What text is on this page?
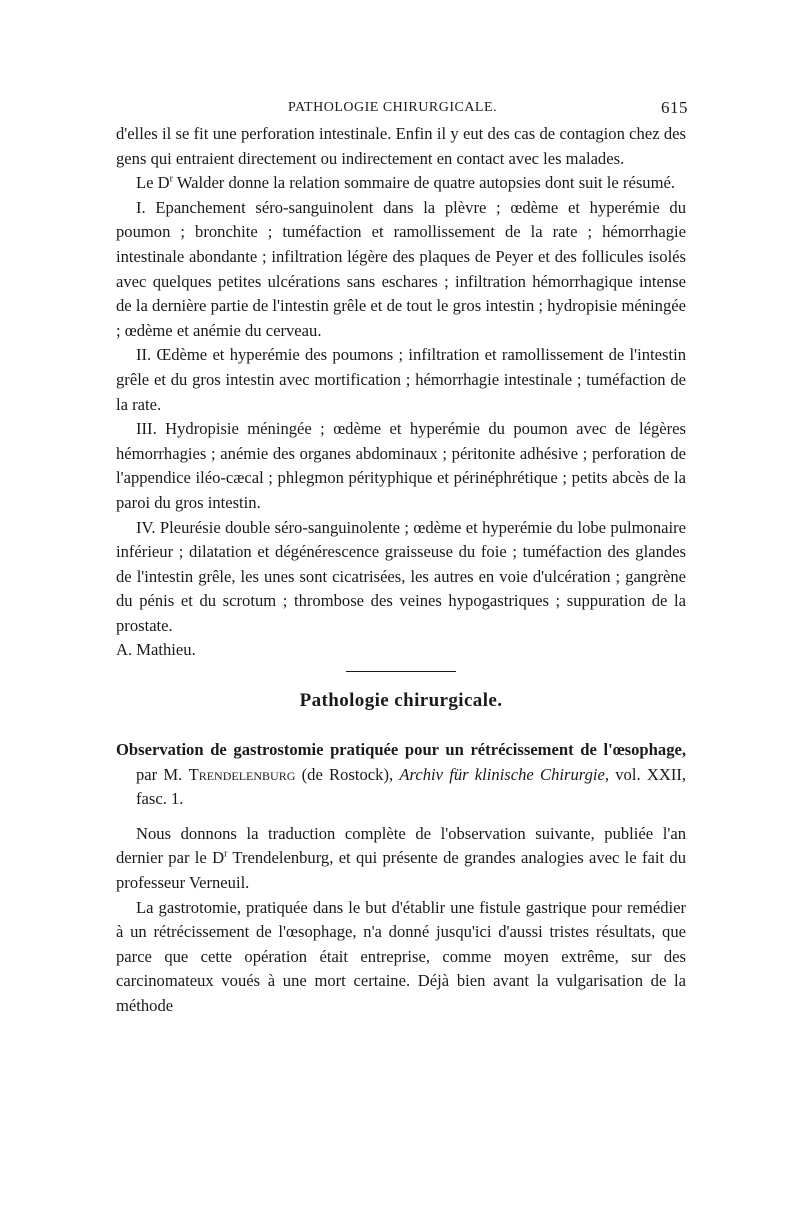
PATHOLOGIE CHIRURGICALE.	615

d'elles il se fit une perforation intestinale. Enfin il y eut des cas de contagion chez des gens qui entraient directement ou indirectement en contact avec les malades.

Le $D^r$ Walder donne la relation sommaire de quatre autopsies dont suit le résumé.

I. Epanchement séro-sanguinolent dans la plèvre ; œdème et hyperémie du poumon ; bronchite ; tuméfaction et ramollissement de la rate ; hémorrhagie intestinale abondante ; infiltration légère des plaques de Peyer et des follicules isolés avec quelques petites ulcérations sans eschares ; infiltration hémorrhagique intense de la dernière partie de l'intestin grêle et de tout le gros intestin ; hydropisie méningée ; œdème et anémie du cerveau.

II. Œdème et hyperémie des poumons ; infiltration et ramollissement de l'intestin grêle et du gros intestin avec mortification ; hémorrhagie intestinale ; tuméfaction de la rate.

III. Hydropisie méningée ; œdème et hyperémie du poumon avec de légères hémorrhagies ; anémie des organes abdominaux ; péritonite adhésive ; perforation de l'appendice iléo-cæcal ; phlegmon pérityphique et périnéphrétique ; petits abcès de la paroi du gros intestin.

IV. Pleurésie double séro-sanguinolente ; œdème et hyperémie du lobe pulmonaire inférieur ; dilatation et dégénérescence graisseuse du foie ; tuméfaction des glandes de l'intestin grêle, les unes sont cicatrisées, les autres en voie d'ulcération ; gangrène du pénis et du scrotum ; thrombose des veines hypogastriques ; suppuration de la prostate.

A. Mathieu.

Pathologie chirurgicale.

Observation de gastrostomie pratiquée pour un rétrécissement de l'œsophage, par M. Trendelenburg (de Rostock), Archiv für klinische Chirurgie, vol. XXII, fasc. 1.

Nous donnons la traduction complète de l'observation suivante, publiée l'an dernier par le $D^r$ Trendelenburg, et qui présente de grandes analogies avec le fait du professeur Verneuil.

La gastrotomie, pratiquée dans le but d'établir une fistule gastrique pour remédier à un rétrécissement de l'œsophage, n'a donné jusqu'ici d'aussi tristes résultats, que parce que cette opération était entreprise, comme moyen extrême, sur des carcinomateux voués à une mort certaine. Déjà bien avant la vulgarisation de la méthode
